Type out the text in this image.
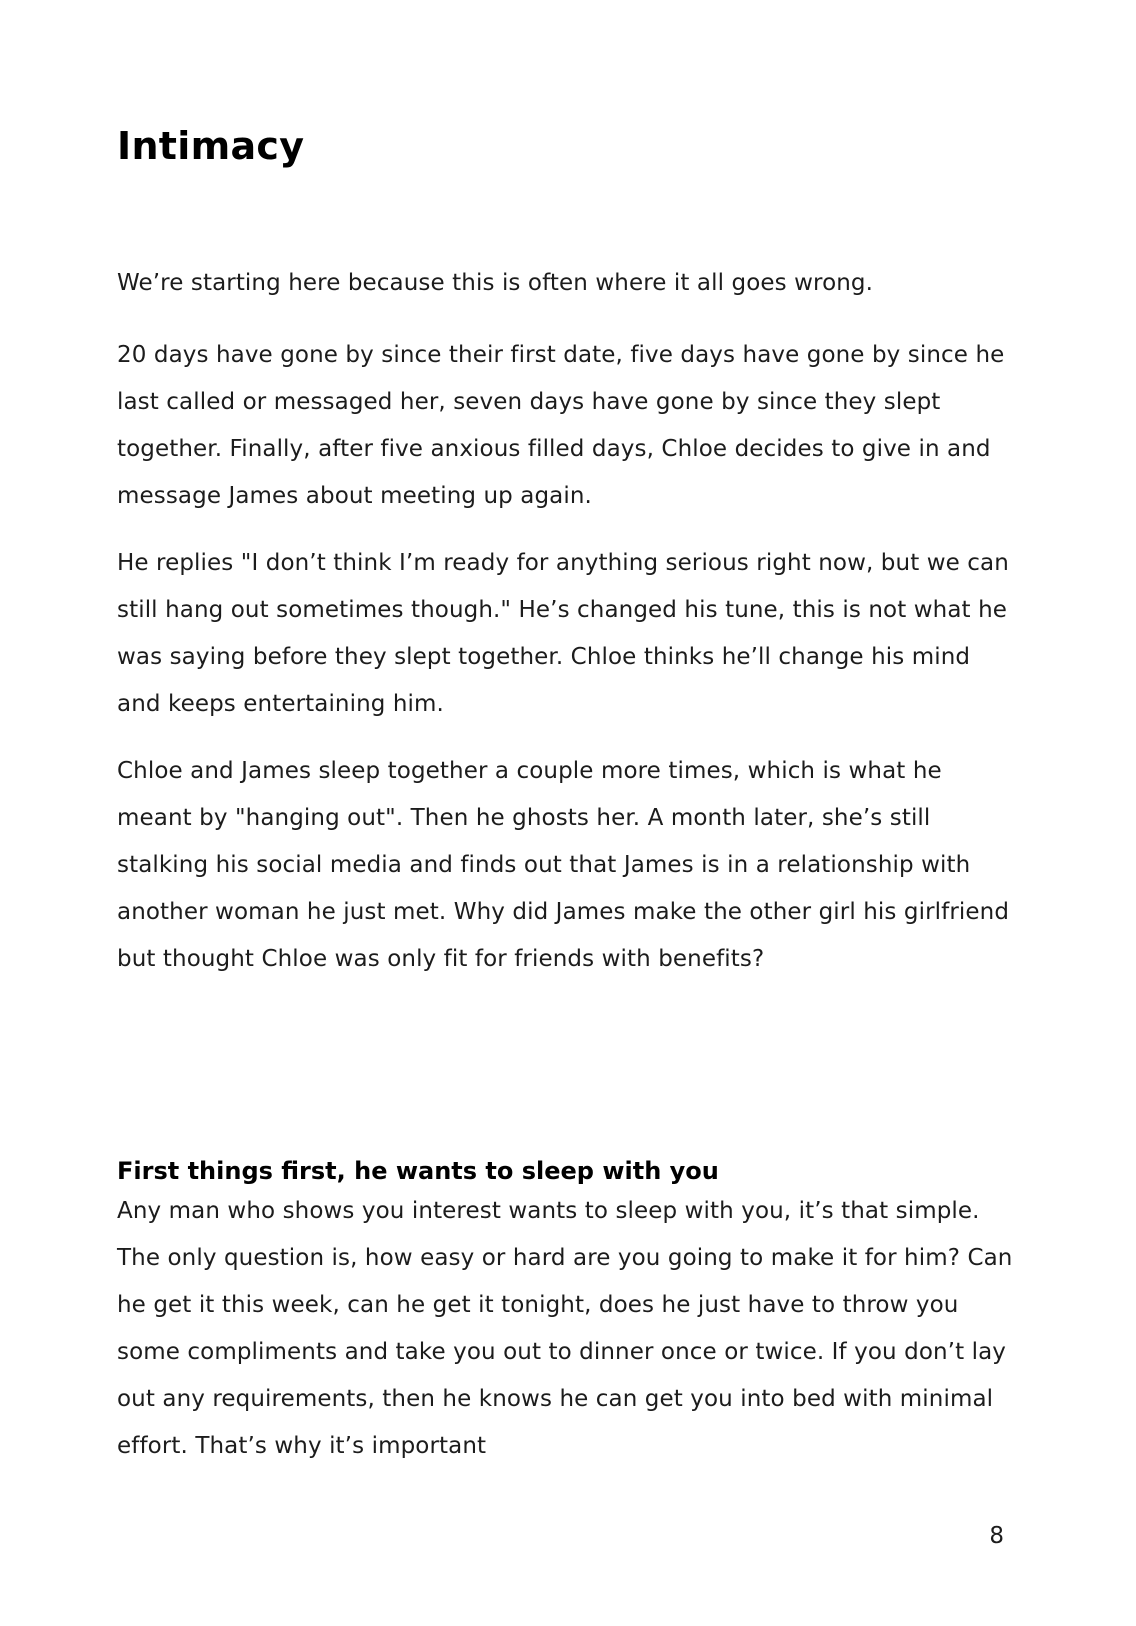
Intimacy

We’re starting here because this is often where it all goes wrong.

20 days have gone by since their first date, five days have gone by since he last called or messaged her, seven days have gone by since they slept together. Finally, after five anxious filled days, Chloe decides to give in and message James about meeting up again.

He replies "I don’t think I’m ready for anything serious right now, but we can still hang out sometimes though." He’s changed his tune, this is not what he was saying before they slept together. Chloe thinks he’ll change his mind and keeps entertaining him.

Chloe and James sleep together a couple more times, which is what he meant by "hanging out". Then he ghosts her. A month later, she’s still stalking his social media and finds out that James is in a relationship with another woman he just met. Why did James make the other girl his girlfriend but thought Chloe was only fit for friends with benefits?

First things first, he wants to sleep with you

Any man who shows you interest wants to sleep with you, it’s that simple. The only question is, how easy or hard are you going to make it for him? Can he get it this week, can he get it tonight, does he just have to throw you some compliments and take you out to dinner once or twice. If you don’t lay out any requirements, then he knows he can get you into bed with minimal effort. That’s why it’s important

8
